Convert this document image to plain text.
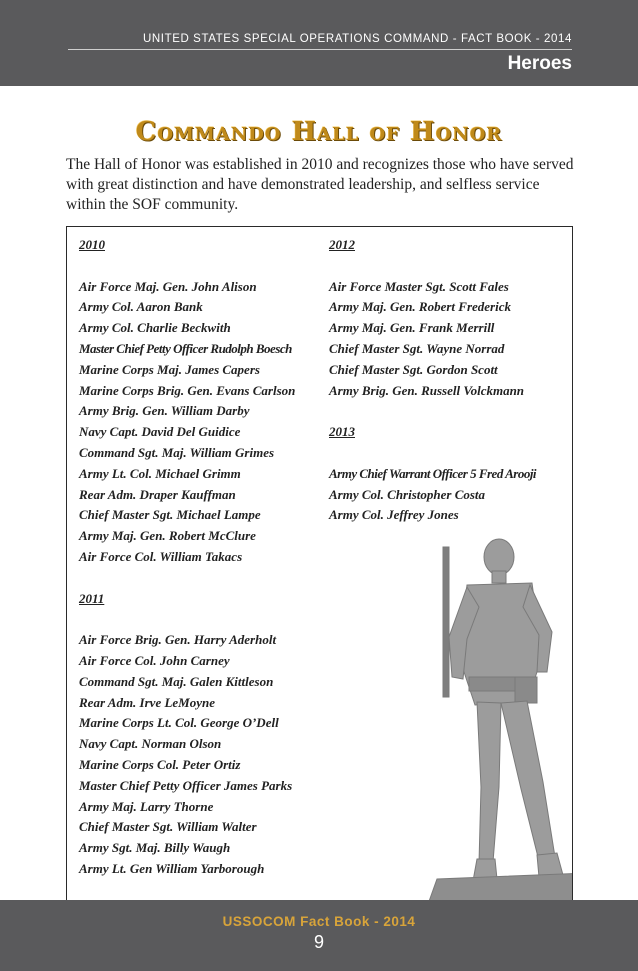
UNITED STATES SPECIAL OPERATIONS COMMAND - FACT BOOK - 2014
Heroes
Commando Hall of Honor
The Hall of Honor was established in 2010 and recognizes those who have served with great distinction and have demonstrated leadership, and selfless service within the SOF community.
2010
Air Force Maj. Gen. John Alison
Army Col. Aaron Bank
Army Col. Charlie Beckwith
Master Chief Petty Officer Rudolph Boesch
Marine Corps Maj. James Capers
Marine Corps Brig. Gen. Evans Carlson
Army Brig. Gen. William Darby
Navy Capt. David Del Guidice
Command Sgt. Maj. William Grimes
Army Lt. Col. Michael Grimm
Rear Adm. Draper Kauffman
Chief Master Sgt. Michael Lampe
Army Maj. Gen. Robert McClure
Air Force Col. William Takacs
2011
Air Force Brig. Gen. Harry Aderholt
Air Force Col. John Carney
Command Sgt. Maj. Galen Kittleson
Rear Adm. Irve LeMoyne
Marine Corps Lt. Col. George O’Dell
Navy Capt. Norman Olson
Marine Corps Col. Peter Ortiz
Master Chief Petty Officer James Parks
Army Maj. Larry Thorne
Chief Master Sgt. William Walter
Army Sgt. Maj. Billy Waugh
Army Lt. Gen William Yarborough
2012
Air Force Master Sgt. Scott Fales
Army Maj. Gen. Robert Frederick
Army Maj. Gen. Frank Merrill
Chief Master Sgt. Wayne Norrad
Chief Master Sgt. Gordon Scott
Army Brig. Gen. Russell Volckmann
2013
Army Chief Warrant Officer 5 Fred Arooji
Army Col. Christopher Costa
Army Col. Jeffrey Jones
USSOCOM Fact Book - 2014
9
